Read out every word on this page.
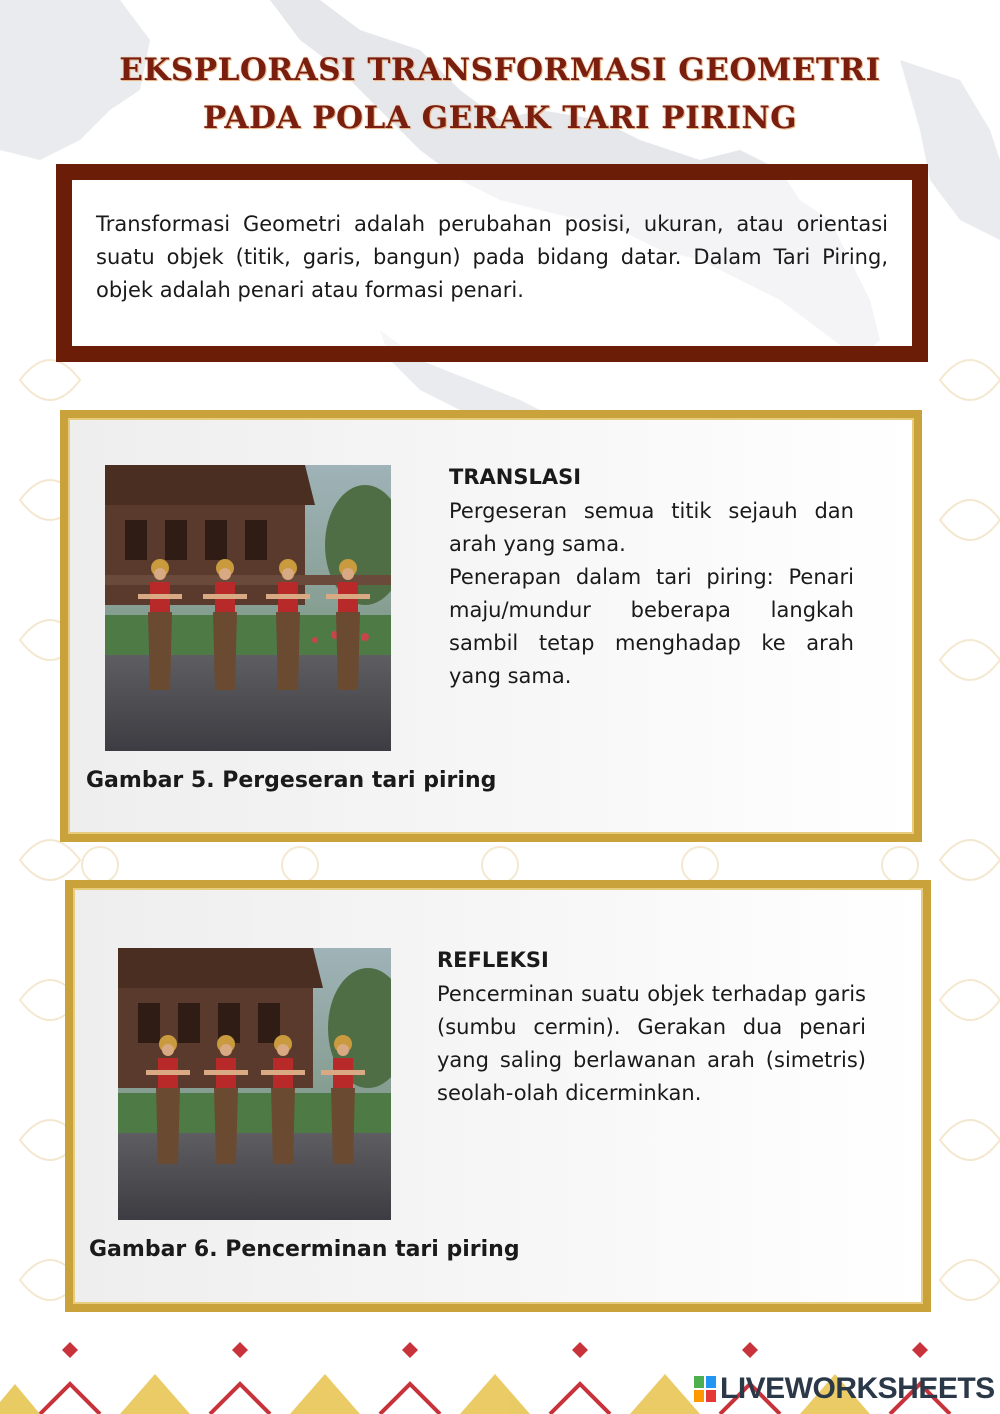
EKSPLORASI TRANSFORMASI GEOMETRI
PADA POLA GERAK TARI PIRING
Transformasi Geometri adalah perubahan posisi, ukuran, atau orientasi suatu objek (titik, garis, bangun) pada bidang datar. Dalam Tari Piring, objek adalah penari atau formasi penari.
TRANSLASI
Pergeseran semua titik sejauh dan arah yang sama.
Penerapan dalam tari piring: Penari maju/mundur beberapa langkah sambil tetap menghadap ke arah yang sama.
Gambar 5. Pergeseran tari piring
REFLEKSI
Pencerminan suatu objek terhadap garis (sumbu cermin). Gerakan dua penari yang saling berlawanan arah (simetris) seolah-olah dicerminkan.
Gambar 6. Pencerminan tari piring
LIVEWORKSHEETS
